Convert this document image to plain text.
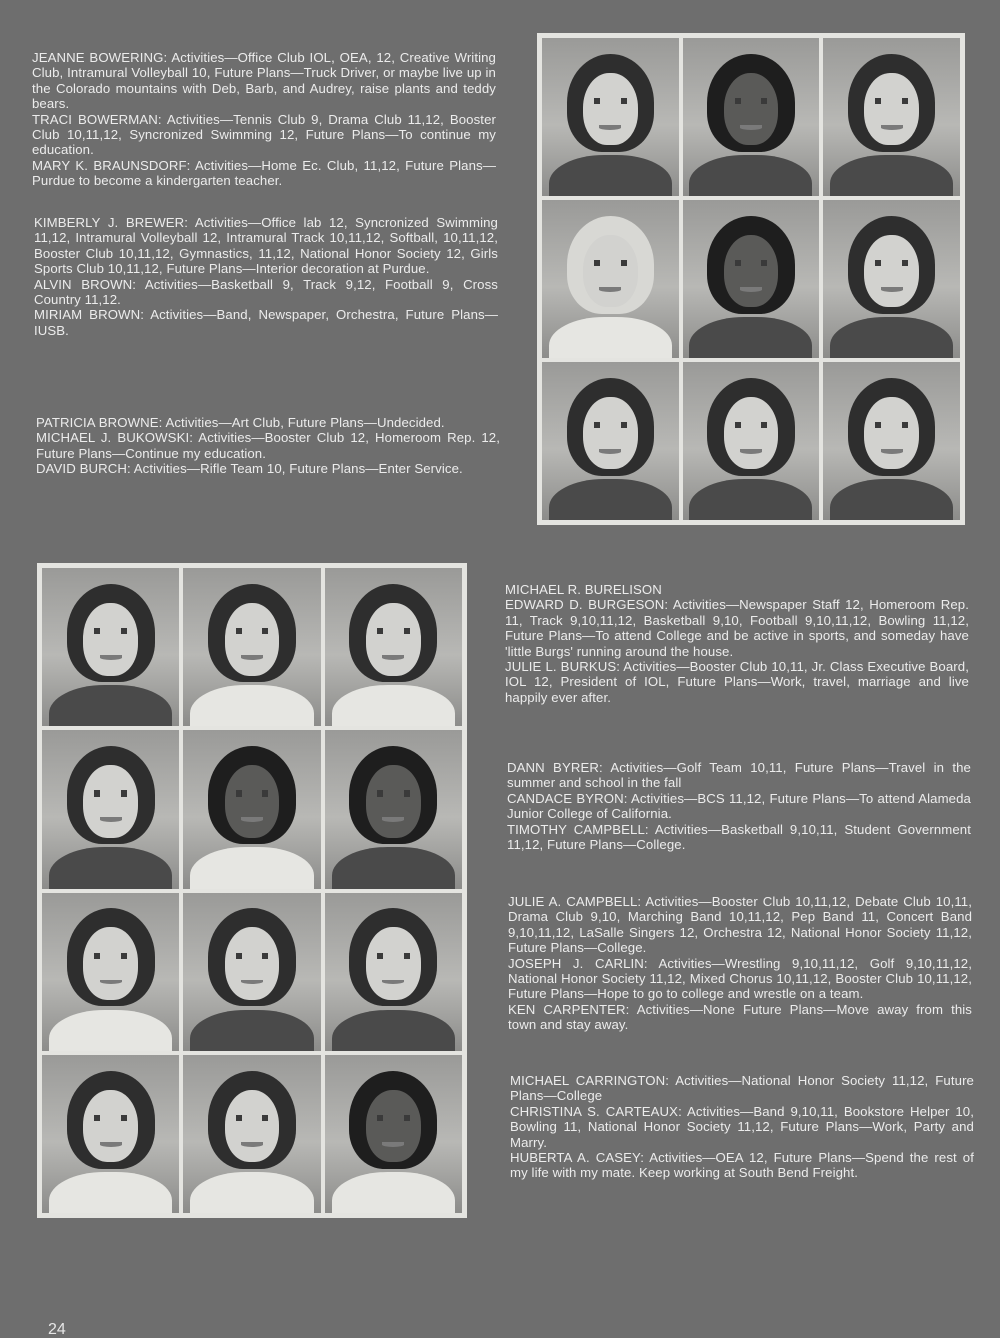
JEANNE BOWERING: Activities—Office Club IOL, OEA, 12, Creative Writing Club, Intramural Volleyball 10, Future Plans—Truck Driver, or maybe live up in the Colorado mountains with Deb, Barb, and Audrey, raise plants and teddy bears.

TRACI BOWERMAN: Activities—Tennis Club 9, Drama Club 11,12, Booster Club 10,11,12, Syncronized Swimming 12, Future Plans—To continue my education.

MARY K. BRAUNSDORF: Activities—Home Ec. Club, 11,12, Future Plans—Purdue to become a kindergarten teacher.

KIMBERLY J. BREWER: Activities—Office lab 12, Syncronized Swimming 11,12, Intramural Volleyball 12, Intramural Track 10,11,12, Softball, 10,11,12, Booster Club 10,11,12, Gymnastics, 11,12, National Honor Society 12, Girls Sports Club 10,11,12, Future Plans—Interior decoration at Purdue.

ALVIN BROWN: Activities—Basketball 9, Track 9,12, Football 9, Cross Country 11,12.

MIRIAM BROWN: Activities—Band, Newspaper, Orchestra, Future Plans—IUSB.

PATRICIA BROWNE: Activities—Art Club, Future Plans—Undecided.

MICHAEL J. BUKOWSKI: Activities—Booster Club 12, Homeroom Rep. 12, Future Plans—Continue my education.

DAVID BURCH: Activities—Rifle Team 10, Future Plans—Enter Service.

MICHAEL R. BURELISON

EDWARD D. BURGESON: Activities—Newspaper Staff 12, Homeroom Rep. 11, Track 9,10,11,12, Basketball 9,10, Football 9,10,11,12, Bowling 11,12, Future Plans—To attend College and be active in sports, and someday have 'little Burgs' running around the house.

JULIE L. BURKUS: Activities—Booster Club 10,11, Jr. Class Executive Board, IOL 12, President of IOL, Future Plans—Work, travel, marriage and live happily ever after.

DANN BYRER: Activities—Golf Team 10,11, Future Plans—Travel in the summer and school in the fall

CANDACE BYRON: Activities—BCS 11,12, Future Plans—To attend Alameda Junior College of California.

TIMOTHY CAMPBELL: Activities—Basketball 9,10,11, Student Government 11,12, Future Plans—College.

JULIE A. CAMPBELL: Activities—Booster Club 10,11,12, Debate Club 10,11, Drama Club 9,10, Marching Band 10,11,12, Pep Band 11, Concert Band 9,10,11,12, LaSalle Singers 12, Orchestra 12, National Honor Society 11,12, Future Plans—College.

JOSEPH J. CARLIN: Activities—Wrestling 9,10,11,12, Golf 9,10,11,12, National Honor Society 11,12, Mixed Chorus 10,11,12, Booster Club 10,11,12, Future Plans—Hope to go to college and wrestle on a team.

KEN CARPENTER: Activities—None Future Plans—Move away from this town and stay away.

MICHAEL CARRINGTON: Activities—National Honor Society 11,12, Future Plans—College

CHRISTINA S. CARTEAUX: Activities—Band 9,10,11, Bookstore Helper 10, Bowling 11, National Honor Society 11,12, Future Plans—Work, Party and Marry.

HUBERTA A. CASEY: Activities—OEA 12, Future Plans—Spend the rest of my life with my mate. Keep working at South Bend Freight.

24
